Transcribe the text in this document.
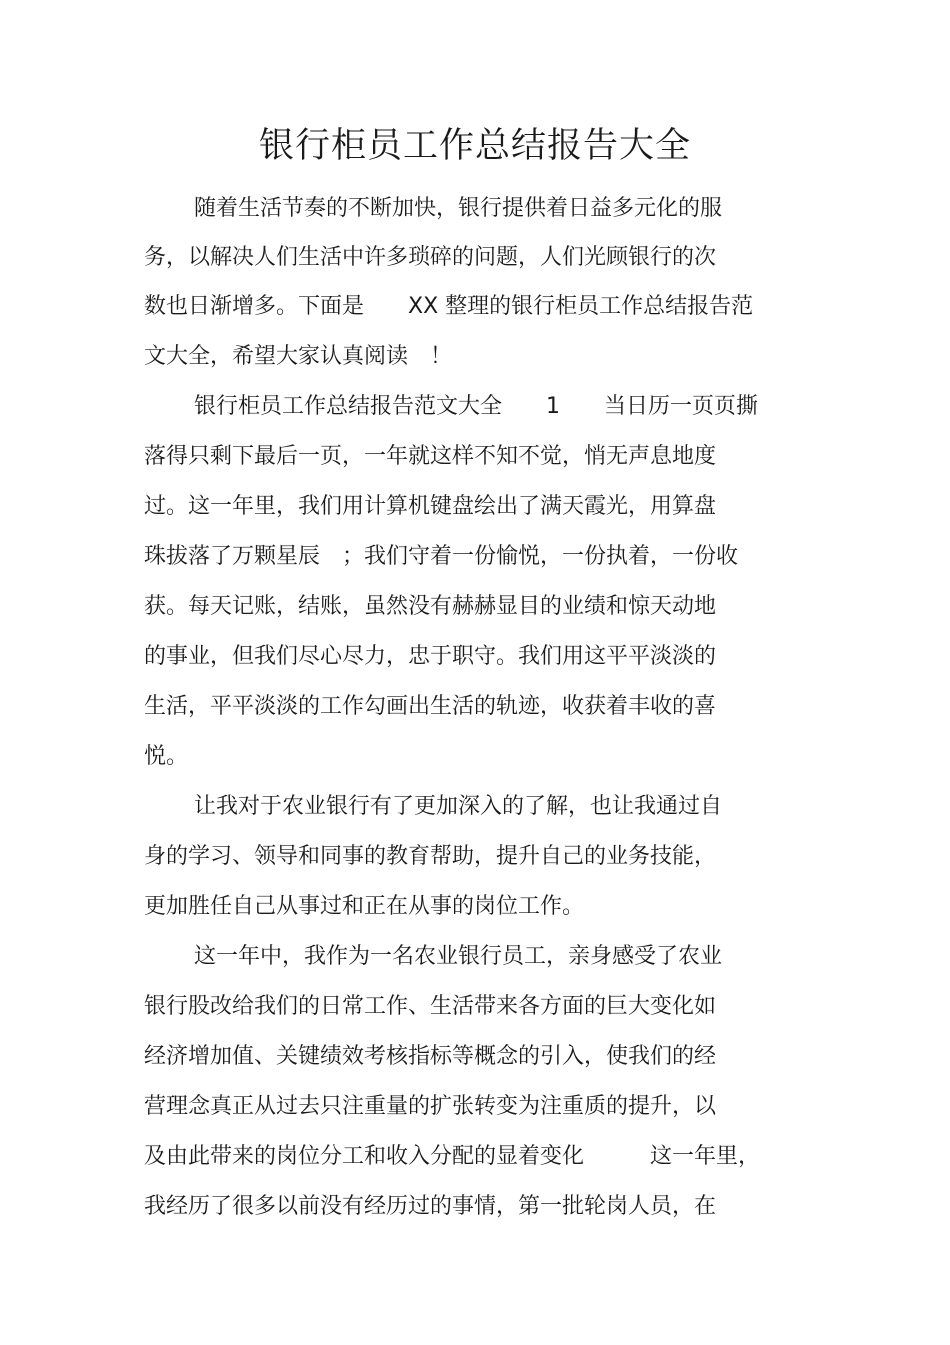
银行柜员工作总结报告大全

随着生活节奏的不断加快，银行提供着日益多元化的服

务，以解决人们生活中许多琐碎的问题，人们光顾银行的次

数也日渐增多。下面是　　XX 整理的银行柜员工作总结报告范

文大全，希望大家认真阅读　！

银行柜员工作总结报告范文大全　　1　　当日历一页页撕

落得只剩下最后一页，一年就这样不知不觉，悄无声息地度

过。这一年里，我们用计算机键盘绘出了满天霞光，用算盘

珠拔落了万颗星辰　；我们守着一份愉悦，一份执着，一份收

获。每天记账，结账，虽然没有赫赫显目的业绩和惊天动地

的事业，但我们尽心尽力，忠于职守。我们用这平平淡淡的

生活，平平淡淡的工作勾画出生活的轨迹，收获着丰收的喜

悦。

让我对于农业银行有了更加深入的了解，也让我通过自

身的学习、领导和同事的教育帮助，提升自己的业务技能，

更加胜任自己从事过和正在从事的岗位工作。

这一年中，我作为一名农业银行员工，亲身感受了农业

银行股改给我们的日常工作、生活带来各方面的巨大变化如

经济增加值、关键绩效考核指标等概念的引入，使我们的经

营理念真正从过去只注重量的扩张转变为注重质的提升，以

及由此带来的岗位分工和收入分配的显着变化　　　这一年里，

我经历了很多以前没有经历过的事情，第一批轮岗人员，在
